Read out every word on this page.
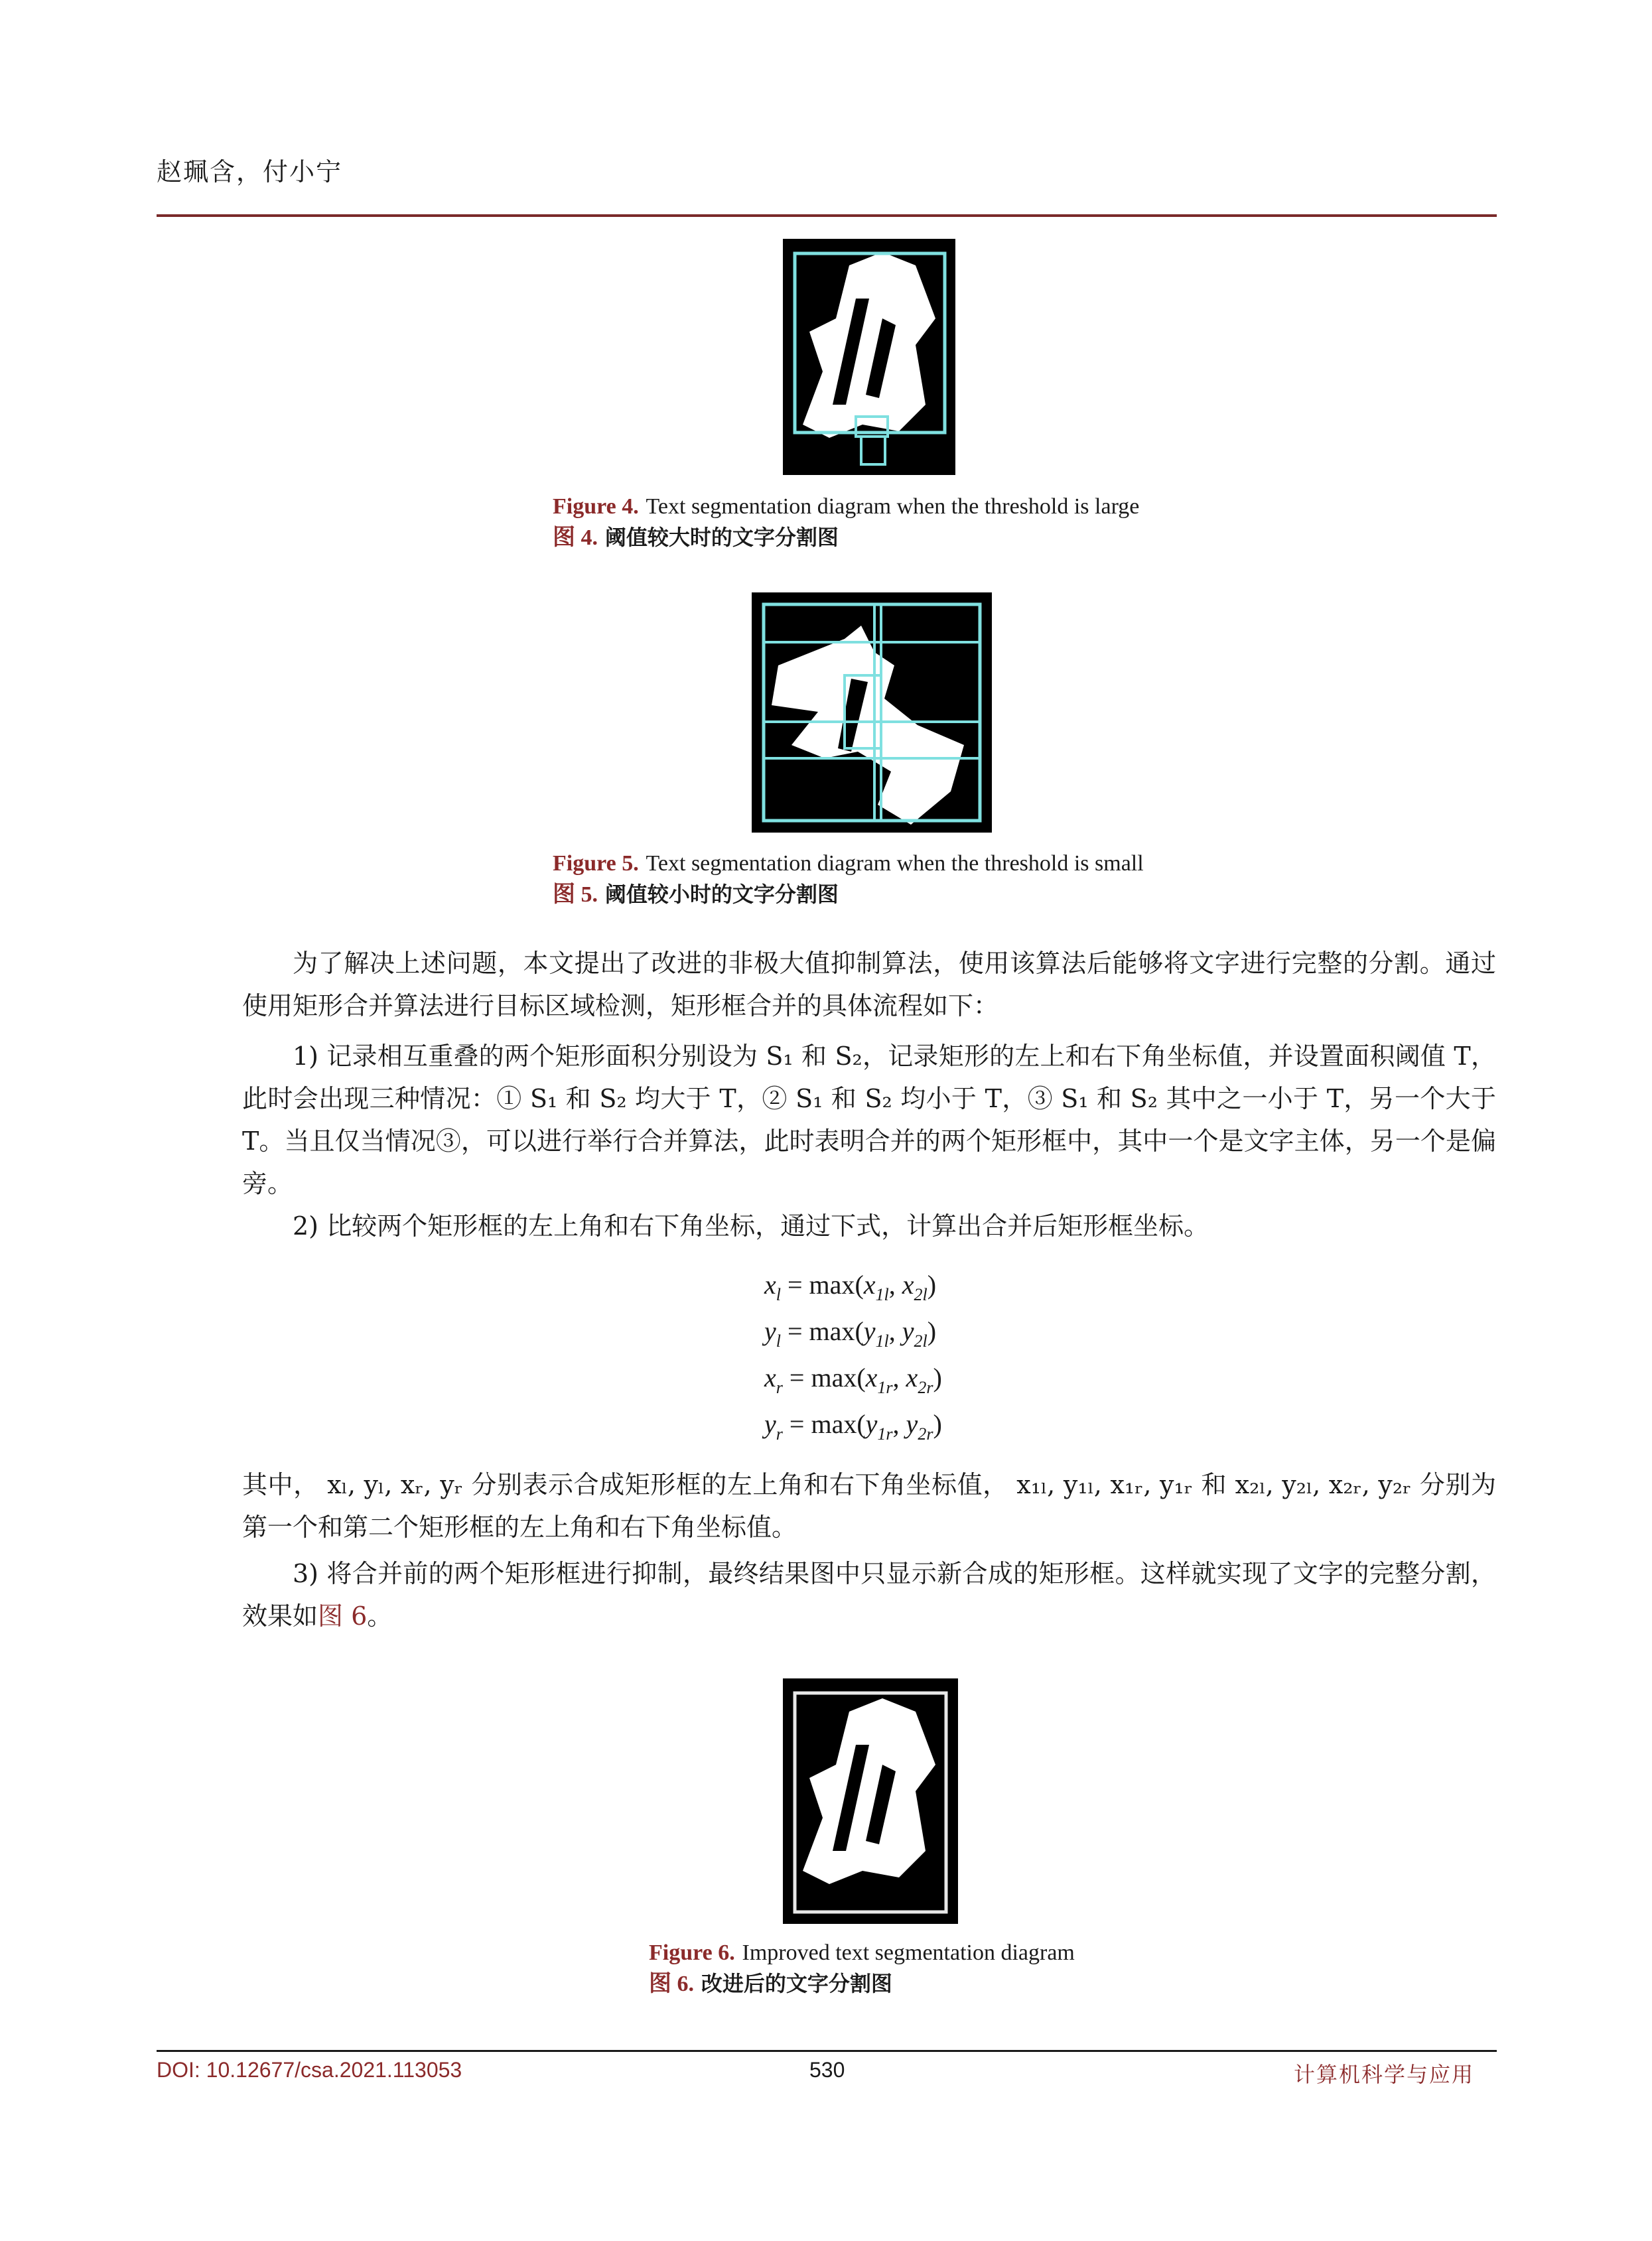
赵珮含，付小宁
Figure 4. Text segmentation diagram when the threshold is large
图 4. 阈值较大时的文字分割图
Figure 5. Text segmentation diagram when the threshold is small
图 5. 阈值较小时的文字分割图
为了解决上述问题，本文提出了改进的非极大值抑制算法，使用该算法后能够将文字进行完整的分割。通过使用矩形合并算法进行目标区域检测，矩形框合并的具体流程如下：
1) 记录相互重叠的两个矩形面积分别设为 S₁ 和 S₂，记录矩形的左上和右下角坐标值，并设置面积阈值 T，此时会出现三种情况：① S₁ 和 S₂ 均大于 T，② S₁ 和 S₂ 均小于 T，③ S₁ 和 S₂ 其中之一小于 T，另一个大于 T。当且仅当情况③，可以进行举行合并算法，此时表明合并的两个矩形框中，其中一个是文字主体，另一个是偏旁。
2) 比较两个矩形框的左上角和右下角坐标，通过下式，计算出合并后矩形框坐标。
$x_l = \max(x_{1l}$, $x_{2l}$)
$y_l = \max(y_{1l}$, $y_{2l}$)
$x_r = \max(x_{1r}$, $x_{2r}$)
$y_r = \max(y_{1r}$, $y_{2r}$)
其中， xₗ, yₗ, xᵣ, yᵣ 分别表示合成矩形框的左上角和右下角坐标值， x₁ₗ, y₁ₗ, x₁ᵣ, y₁ᵣ 和 x₂ₗ, y₂ₗ, x₂ᵣ, y₂ᵣ 分别为第一个和第二个矩形框的左上角和右下角坐标值。
3) 将合并前的两个矩形框进行抑制，最终结果图中只显示新合成的矩形框。这样就实现了文字的完整分割，效果如图 6。
Figure 6. Improved text segmentation diagram
图 6. 改进后的文字分割图
DOI: 10.12677/csa.2021.113053	530	计算机科学与应用
